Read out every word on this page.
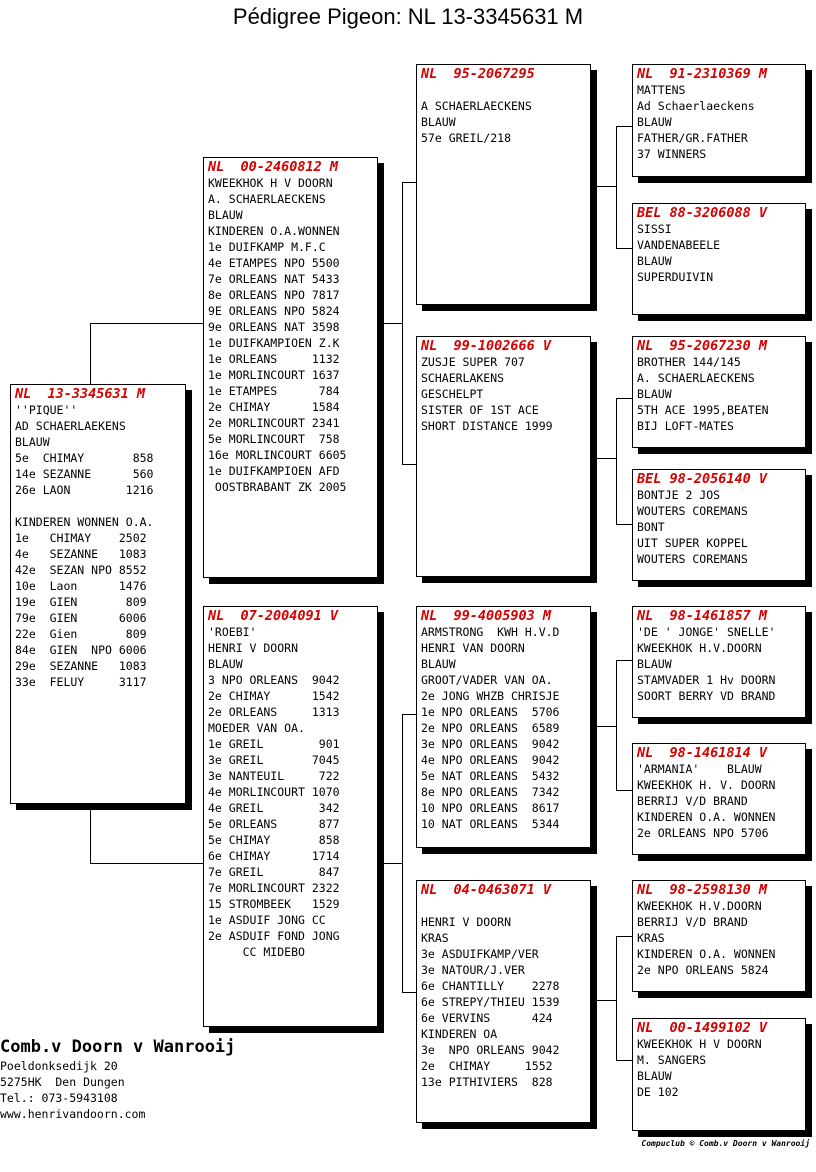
Pédigree Pigeon: NL 13-3345631 M
NL  13-3345631 M
''PIQUE''
AD SCHAERLAEKENS
BLAUW
5e  CHIMAY       858
14e SEZANNE      560
26e LAON        1216
KINDEREN WONNEN O.A.
1e   CHIMAY    2502
4e   SEZANNE   1083
42e  SEZAN NPO 8552
10e  Laon      1476
19e  GIEN       809
79e  GIEN      6006
22e  Gien       809
84e  GIEN  NPO 6006
29e  SEZANNE   1083
33e  FELUY     3117
NL  00-2460812 M
KWEEKHOK H V DOORN
A. SCHAERLAECKENS
BLAUW
KINDEREN O.A.WONNEN
1e DUIFKAMP M.F.C
4e ETAMPES NPO 5500
7e ORLEANS NAT 5433
8e ORLEANS NPO 7817
9E ORLEANS NPO 5824
9e ORLEANS NAT 3598
1e DUIFKAMPIOEN Z.K
1e ORLEANS     1132
1e MORLINCOURT 1637
1e ETAMPES      784
2e CHIMAY      1584
2e MORLINCOURT 2341
5e MORLINCOURT  758
16e MORLINCOURT 6605
1e DUIFKAMPIOEN AFD
OOSTBRABANT ZK 2005
NL  07-2004091 V
'ROEBI'
HENRI V DOORN
BLAUW
3 NPO ORLEANS  9042
2e CHIMAY      1542
2e ORLEANS     1313
MOEDER VAN OA.
1e GREIL        901
3e GREIL       7045
3e NANTEUIL     722
4e MORLINCOURT 1070
4e GREIL        342
5e ORLEANS      877
5e CHIMAY       858
6e CHIMAY      1714
7e GREIL        847
7e MORLINCOURT 2322
15 STROMBEEK   1529
1e ASDUIF JONG CC
2e ASDUIF FOND JONG
CC MIDEBO
NL  95-2067295
A SCHAERLAECKENS
BLAUW
57e GREIL/218
NL  99-1002666 V
ZUSJE SUPER 707
SCHAERLAKENS
GESCHELPT
SISTER OF 1ST ACE
SHORT DISTANCE 1999
NL  99-4005903 M
ARMSTRONG  KWH H.V.D
HENRI VAN DOORN
BLAUW
GROOT/VADER VAN OA.
2e JONG WHZB CHRISJE
1e NPO ORLEANS  5706
2e NPO ORLEANS  6589
3e NPO ORLEANS  9042
4e NPO ORLEANS  9042
5e NAT ORLEANS  5432
8e NPO ORLEANS  7342
10 NPO ORLEANS  8617
10 NAT ORLEANS  5344
NL  04-0463071 V
HENRI V DOORN
KRAS
3e ASDUIFKAMP/VER
3e NATOUR/J.VER
6e CHANTILLY    2278
6e STREPY/THIEU 1539
6e VERVINS      424
KINDEREN OA
3e  NPO ORLEANS 9042
2e  CHIMAY     1552
13e PITHIVIERS  828
NL  91-2310369 M
MATTENS
Ad Schaerlaeckens
BLAUW
FATHER/GR.FATHER
37 WINNERS
BEL 88-3206088 V
SISSI
VANDENABEELE
BLAUW
SUPERDUIVIN
NL  95-2067230 M
BROTHER 144/145
A. SCHAERLAECKENS
BLAUW
5TH ACE 1995,BEATEN
BIJ LOFT-MATES
BEL 98-2056140 V
BONTJE 2 JOS
WOUTERS COREMANS
BONT
UIT SUPER KOPPEL
WOUTERS COREMANS
NL  98-1461857 M
'DE ' JONGE' SNELLE'
KWEEKHOK H.V.DOORN
BLAUW
STAMVADER 1 Hv DOORN
SOORT BERRY VD BRAND
NL  98-1461814 V
'ARMANIA'    BLAUW
KWEEKHOK H. V. DOORN
BERRIJ V/D BRAND
KINDEREN O.A. WONNEN
2e ORLEANS NPO 5706
NL  98-2598130 M
KWEEKHOK H.V.DOORN
BERRIJ V/D BRAND
KRAS
KINDEREN O.A. WONNEN
2e NPO ORLEANS 5824
NL  00-1499102 V
KWEEKHOK H V DOORN
M. SANGERS
BLAUW
DE 102
Comb.v Doorn v Wanrooij
Poeldonksedijk 20
5275HK  Den Dungen
Tel.: 073-5943108
www.henrivandoorn.com
Compuclub © Comb.v Doorn v Wanrooij
